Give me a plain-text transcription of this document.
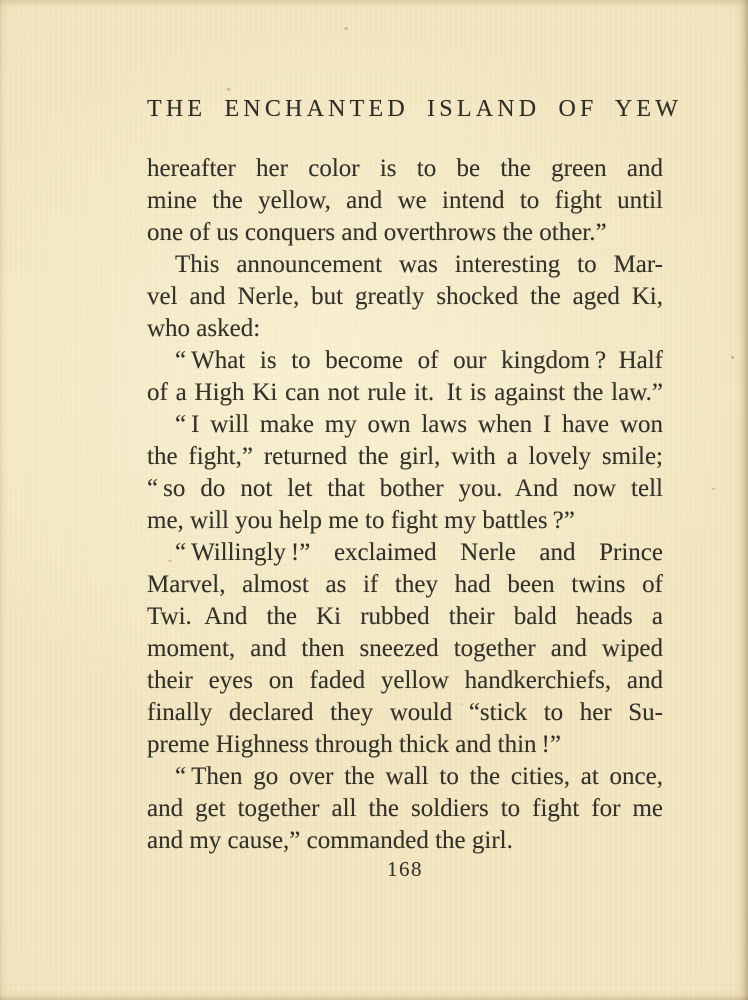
THE ENCHANTED ISLAND OF YEW
hereafter her color is to be the green and
mine the yellow, and we intend to fight until
one of us conquers and overthrows the other.”
This announcement was interesting to Mar-
vel and Nerle, but greatly shocked the aged Ki,
who asked:
“ What is to become of our kingdom ? Half
of a High Ki can not rule it. It is against the law.”
“ I will make my own laws when I have won
the fight,” returned the girl, with a lovely smile;
“ so do not let that bother you. And now tell
me, will you help me to fight my battles ?”
“ Willingly !” exclaimed Nerle and Prince
Marvel, almost as if they had been twins of
Twi. And the Ki rubbed their bald heads a
moment, and then sneezed together and wiped
their eyes on faded yellow handkerchiefs, and
finally declared they would “stick to her Su-
preme Highness through thick and thin !”
“ Then go over the wall to the cities, at once,
and get together all the soldiers to fight for me
and my cause,” commanded the girl.
168
